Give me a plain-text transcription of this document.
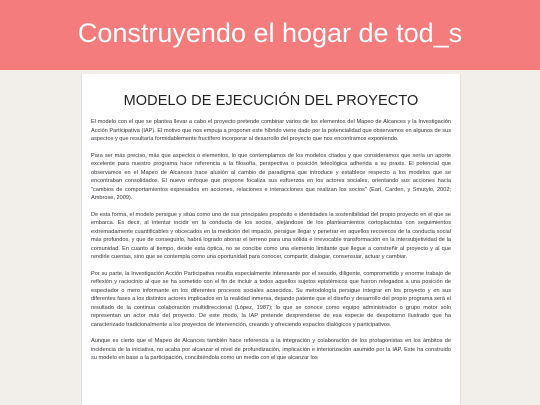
Construyendo el hogar de tod_s
MODELO DE EJECUCIÓN DEL PROYECTO

El modelo con el que se plantea llevar a cabo el proyecto pretende combinar varios de los elementos del Mapeo de Alcances y la Investigación Acción Participativa (IAP). El motivo que nos empuja a proponer este híbrido viene dado por la potencialidad que observamos en algunos de sus aspectos y que resultaría formidablemente fructífero incorporar al desarrollo del proyecto que nos encontramos exponiendo.

Para ser más preciso, más que aspectos o elementos, lo que contemplamos de los modelos citados y que consideramos que sería un aporte excelente para nuestro programa hace referencia a la filosofía, perspectiva o posición teleológica adherida a su praxis. El potencial que observamos en el Mapeo de Alcances hace alusión al cambio de paradigma que introduce y establece respecto a los modelos que se encontraban consolidados. El nuevo enfoque que propone focaliza sus esfuerzos en los actores sociales, orientando sus acciones hacia "cambios de comportamientos expresados en acciones, relaciones e interacciones que realizan los socios" (Earl, Carden, y Smutylo, 2002; Ambrose, 2009).

De esta forma, el modelo persigue y sitúa como uno de sus principales propósito e identidades la sostenibilidad del propio proyecto en el que se embarca. Es decir, al intentar incidir en la conducta de los socios, alejándose de los planteamientos cortoplacistas con seguimientos extremadamente cuantificables y obcecados en la medición del impacto, persigue llegar y penetrar en aquellos recovecos de la conducta social más profundos, y que de conseguirlo, habrá logrado abonar el terreno para una sólida e irrevocable transformación en la intersubjetividad de la comunidad. En cuanto al tiempo, desde esta óptica, no se concibe como una elemento limitante que llegue a constreñir al proyecto y al que rendirle cuentas, sino que se contempla como una oportunidad para conocer, compartir, dialogar, consensuar, actuar y cambiar.

Por su parte, la Investigación Acción Participativa resulta especialmente interesante por el sesudo, diligente, comprometido y enorme trabajo de reflexión y raciocinio al que se ha sometido con el fin de incluir a todos aquellos sujetos epistémicos que fueron relegados a una posición de espectador o mero informante en los diferentes procesos sociales acaecidos. Su metodología persigue integrar en los proyecto y en sus diferentes fases a los distintos actores implicados en la realidad inmersa, dejando patente que el diseño y desarrollo del propio programa será el resultado de la continua colaboración multidireccional (López, 1987); lo que se conoce como equipo administrador o grupo motor solo representan un actor más del proyecto. De este modo, la IAP pretende desprenderse de esa especie de despotismo ilustrado que ha caracterizado tradicionalmente a los proyectos de intervención, creando y ofreciendo espacios dialógicos y participativos.

Aunque es cierto que el Mapeo de Alcances también hace referencia a la integración y colaboración de los protagonistas en los ámbitos de incidencia de la iniciativa, no acaba por alcanzar el nivel de profundización, implicación e interiorización asumido por la IAP. Este ha construido su modelo en base a la participación, concibiéndola como un medio con el que alcanzar los
